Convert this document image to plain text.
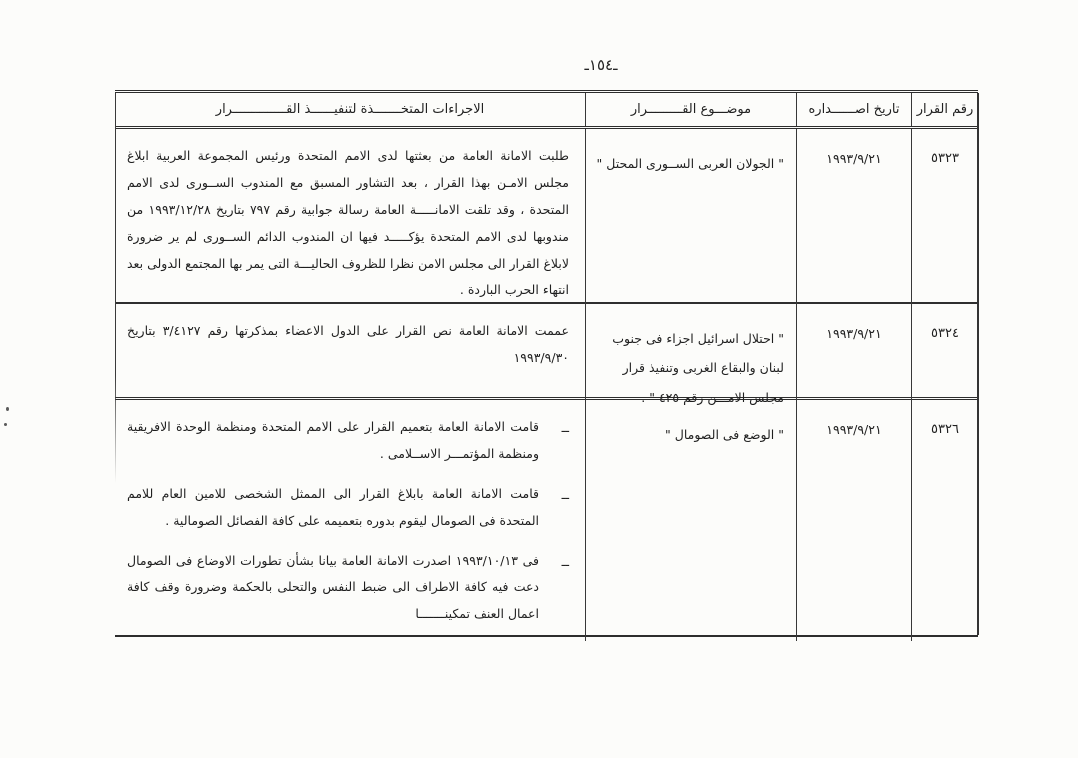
ـ١٥٤ـ
رقم القرار
تاريخ اصــــــداره
موضـــوع القـــــــــرار
الاجراءات المتخـــــــذة لتنفيــــــذ القــــــــــــــرار
٥٣٢٣
١٩٩٣/٩/٢١
" الجولان العربى الســورى المحتل "

طلبت الامانة العامة من بعثتها لدى الامم المتحدة ورئيس المجموعة العربية ابلاغ مجلس الامـن بهذا القرار ، بعد التشاور المسبق مع المندوب الســورى لدى الامم المتحدة ، وقد تلقت الامانـــــة العامة رسالة جوابية رقم ٧٩٧ بتاريخ ١٩٩٣/١٢/٢٨ من مندوبها لدى الامم المتحدة يؤكـــــد فيها ان المندوب الدائم الســورى لم ير ضرورة لابلاغ القرار الى مجلس الامن نظرا للظروف الحاليـــة التى يمر بها المجتمع الدولى بعد انتهاء الحرب الباردة .

٥٣٢٤
١٩٩٣/٩/٢١
" احتلال اسرائيل اجزاء فى جنوب لبنان والبقاع الغربى وتنفيذ قرار مجلس الامـــن رقم ٤٢٥ " .

عممت الامانة العامة نص القرار على الدول الاعضاء بمذكرتها رقم ٣/٤١٢٧ بتاريخ ١٩٩٣/٩/٣٠

٥٣٢٦
١٩٩٣/٩/٢١
" الوضع فى الصومال "
ــ

قامت الامانة العامة بتعميم القرار على الامم المتحدة ومنظمة الوحدة الافريقية ومنظمة المؤتمـــر الاســلامى .

ــ

قامت الامانة العامة بابلاغ القرار الى الممثل الشخصى للامين العام للامم المتحدة فى الصومال ليقوم بدوره بتعميمه على كافة الفصائل الصومالية .

ــ

فى ١٩٩٣/١٠/١٣ اصدرت الامانة العامة بيانا بشأن تطورات الاوضاع فى الصومال دعت فيه كافة الاطراف الى ضبط النفس والتحلى بالحكمة وضرورة وقف كافة اعمال العنف تمكينـــــــا
